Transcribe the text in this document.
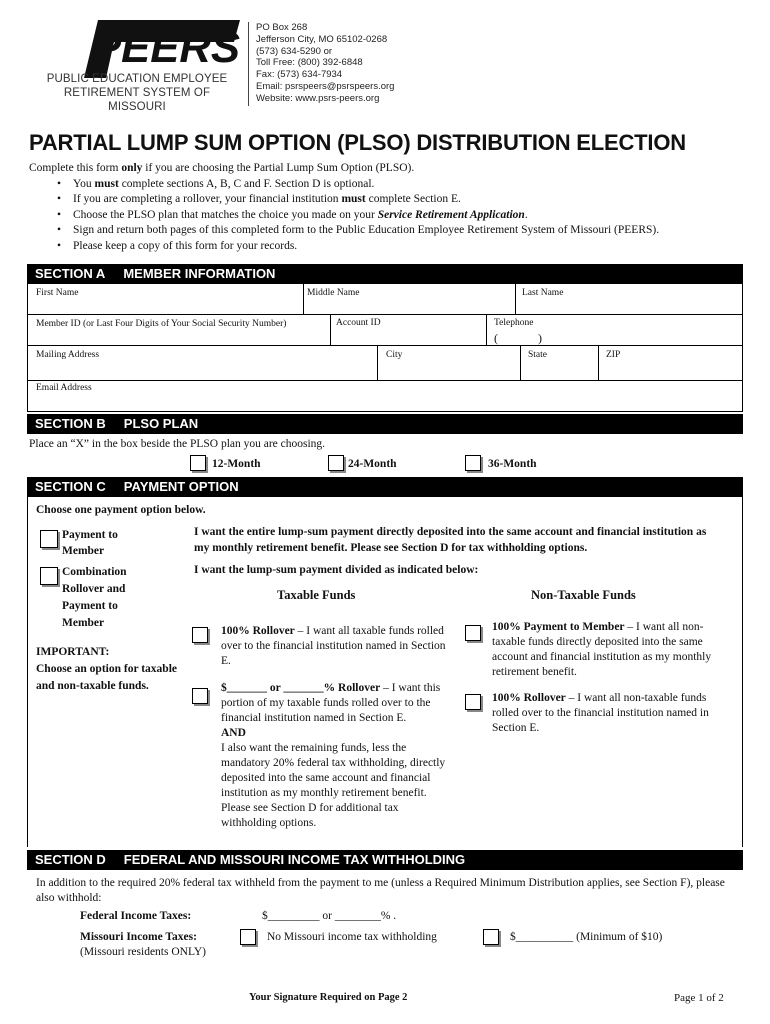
PEERS
PUBLIC EDUCATION EMPLOYEE
RETIREMENT SYSTEM OF MISSOURI
PO Box 268
Jefferson City, MO 65102-0268
(573) 634-5290 or
Toll Free: (800) 392-6848
Fax: (573) 634-7934
Email: psrspeers@psrspeers.org
Website: www.psrs-peers.org
PARTIAL LUMP SUM OPTION (PLSO) DISTRIBUTION ELECTION
Complete this form only if you are choosing the Partial Lump Sum Option (PLSO).
• You must complete sections A, B, C and F. Section D is optional.
• If you are completing a rollover, your financial institution must complete Section E.
• Choose the PLSO plan that matches the choice you made on your Service Retirement Application.
• Sign and return both pages of this completed form to the Public Education Employee Retirement System of Missouri (PEERS).
• Please keep a copy of this form for your records.
SECTION A MEMBER INFORMATION
First Name	Middle Name	Last Name
Member ID (or Last Four Digits of Your Social Security Number)	Account ID	Telephone
(	)
Mailing Address	City	State	ZIP
Email Address
SECTION B PLSO PLAN
Place an “X” in the box beside the PLSO plan you are choosing.
12-Month	24-Month	36-Month
SECTION C PAYMENT OPTION
Choose one payment option below.
Payment to Member
I want the entire lump-sum payment directly deposited into the same account and financial institution as my monthly retirement benefit. Please see Section D for tax withholding options.
Combination Rollover and Payment to Member
I want the lump-sum payment divided as indicated below:
IMPORTANT:
Choose an option for taxable and non-taxable funds.
Taxable Funds	Non-Taxable Funds
100% Rollover – I want all taxable funds rolled over to the financial institution named in Section E.
$_______ or _______% Rollover – I want this portion of my taxable funds rolled over to the financial institution named in Section E.
AND
I also want the remaining funds, less the mandatory 20% federal tax withholding, directly deposited into the same account and financial institution as my monthly retirement benefit. Please see Section D for additional tax withholding options.
100% Payment to Member – I want all non-taxable funds directly deposited into the same account and financial institution as my monthly retirement benefit.
100% Rollover – I want all non-taxable funds rolled over to the financial institution named in Section E.
SECTION D FEDERAL AND MISSOURI INCOME TAX WITHHOLDING
In addition to the required 20% federal tax withheld from the payment to me (unless a Required Minimum Distribution applies, see Section F), please also withhold:
Federal Income Taxes:	$_________ or ________% .
Missouri Income Taxes:
(Missouri residents ONLY)
No Missouri income tax withholding	$__________ (Minimum of $10)
Your Signature Required on Page 2	Page 1 of 2
